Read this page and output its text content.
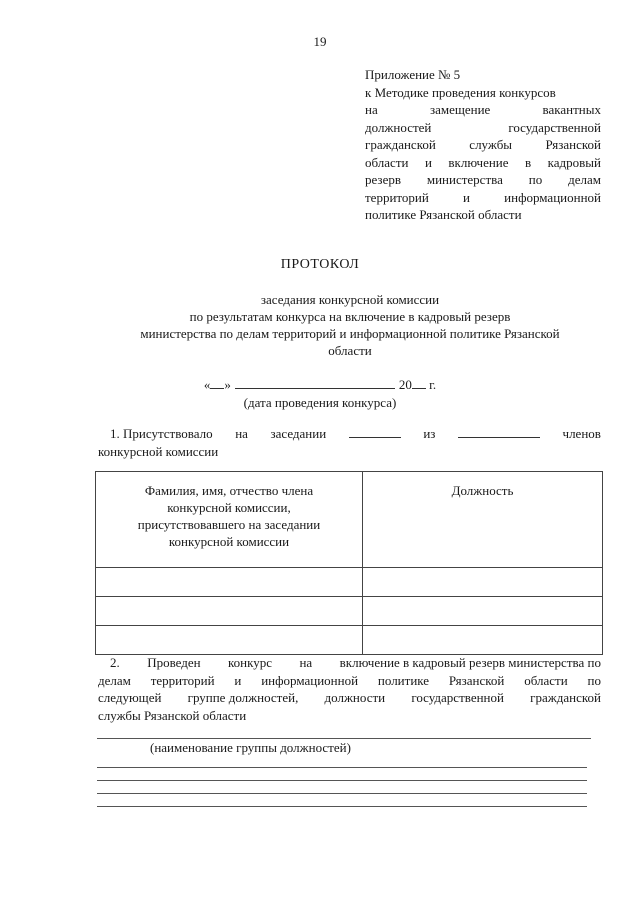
19
Приложение № 5
к Методике проведения конкурсов
на	замещение	вакантных
должностей	государственной
гражданской	службы	Рязанской
области и включение в кадровый
резерв министерства по делам
территорий	и	информационной
политике Рязанской области
ПРОТОКОЛ
заседания конкурсной комиссии
по результатам конкурса на включение в кадровый резерв
министерства по делам территорий и информационной политике Рязанской
области
« »	20 г.
(дата проведения конкурса)
1. Присутствовало на заседании	из	членов
конкурсной комиссии
Фамилия, имя, отчество члена
конкурсной комиссии,
присутствовавшего на заседании
конкурсной комиссии	Должность

2. Проведен конкурс на включение в кадровый резерв министерства по
делам территорий и информационной политике Рязанской области по
следующей группе должностей, должности государственной гражданской
службы Рязанской области
(наименование группы должностей)
